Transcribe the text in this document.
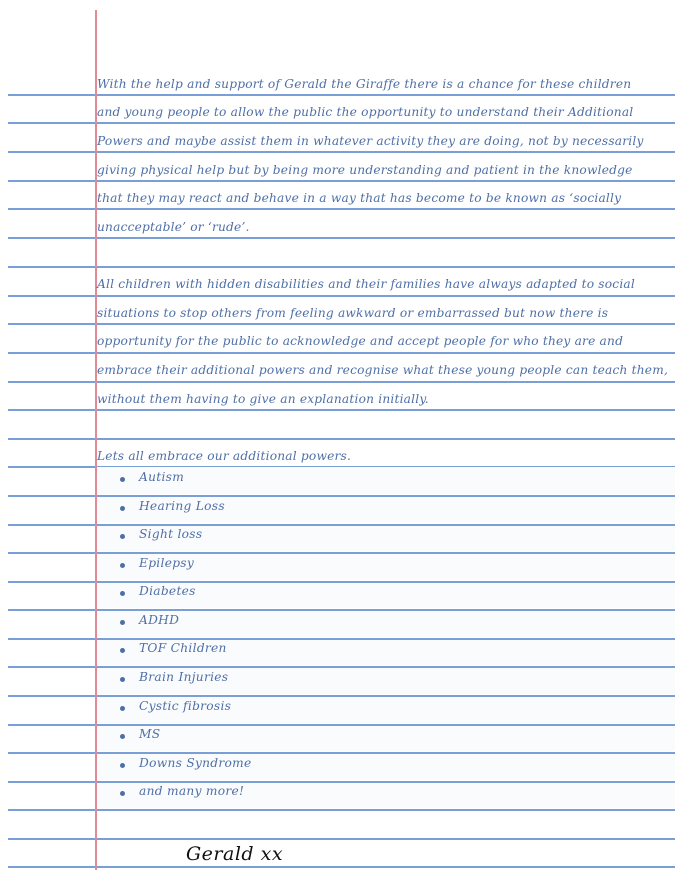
With the help and support of Gerald the Giraffe there is a chance for these children
and young people to allow the public the opportunity to understand their Additional
Powers and maybe assist them in whatever activity they are doing, not by necessarily
giving physical help but by being more understanding and patient in the knowledge
that they may react and behave in a way that has become to be known as ‘socially
unacceptable’ or ‘rude’.
All children with hidden disabilities and their families have always adapted to social
situations to stop others from feeling awkward or embarrassed but now there is
opportunity for the public to acknowledge and accept people for who they are and
embrace their additional powers and recognise what these young people can teach them,
without them having to give an explanation initially.
Lets all embrace our additional powers.
Autism
Hearing Loss
Sight loss
Epilepsy
Diabetes
ADHD
TOF Children
Brain Injuries
Cystic fibrosis
MS
Downs Syndrome
and many more!
Gerald xx
